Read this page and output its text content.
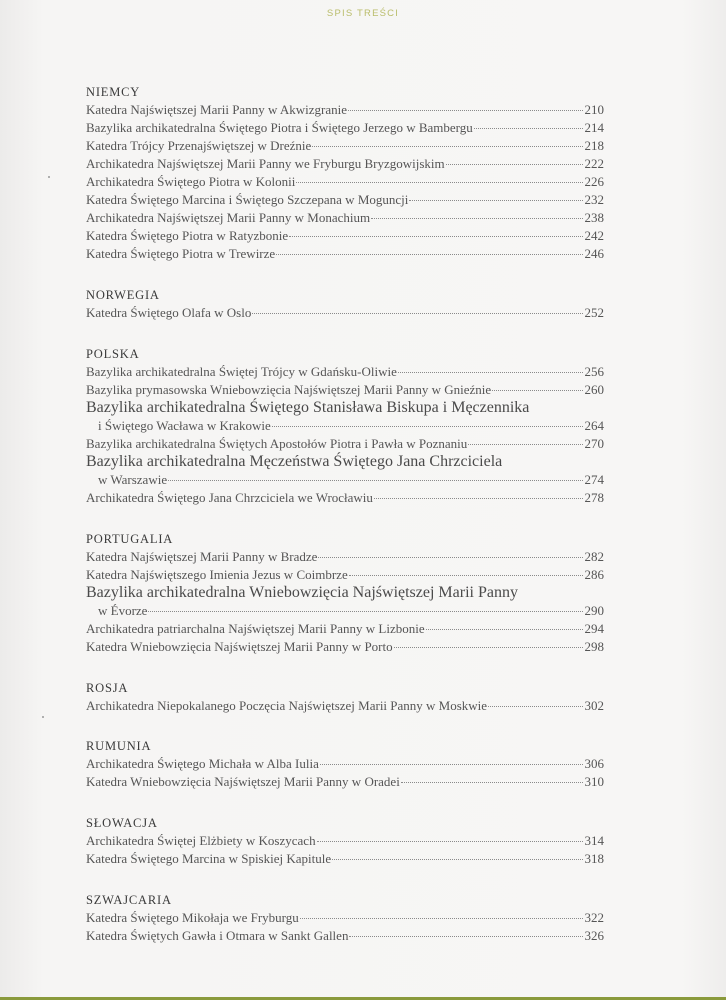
SPIS TREŚCI
NIEMCY
Katedra Najświętszej Marii Panny w Akwizgranie	210
Bazylika archikatedralna Świętego Piotra i Świętego Jerzego w Bambergu	214
Katedra Trójcy Przenajświętszej w Dreźnie	218
Archikatedra Najświętszej Marii Panny we Fryburgu Bryzgowijskim	222
Archikatedra Świętego Piotra w Kolonii	226
Katedra Świętego Marcina i Świętego Szczepana w Moguncji	232
Archikatedra Najświętszej Marii Panny w Monachium	238
Katedra Świętego Piotra w Ratyzbonie	242
Katedra Świętego Piotra w Trewirze	246
NORWEGIA
Katedra Świętego Olafa w Oslo	252
POLSKA
Bazylika archikatedralna Świętej Trójcy w Gdańsku-Oliwie	256
Bazylika prymasowska Wniebowzięcia Najświętszej Marii Panny w Gnieźnie	260
Bazylika archikatedralna Świętego Stanisława Biskupa i Męczennika
i Świętego Wacława w Krakowie	264
Bazylika archikatedralna Świętych Apostołów Piotra i Pawła w Poznaniu	270
Bazylika archikatedralna Męczeństwa Świętego Jana Chrzciciela
w Warszawie	274
Archikatedra Świętego Jana Chrzciciela we Wrocławiu	278
PORTUGALIA
Katedra Najświętszej Marii Panny w Bradze	282
Katedra Najświętszego Imienia Jezus w Coimbrze	286
Bazylika archikatedralna Wniebowzięcia Najświętszej Marii Panny
w Évorze	290
Archikatedra patriarchalna Najświętszej Marii Panny w Lizbonie	294
Katedra Wniebowzięcia Najświętszej Marii Panny w Porto	298
ROSJA
Archikatedra Niepokalanego Poczęcia Najświętszej Marii Panny w Moskwie	302
RUMUNIA
Archikatedra Świętego Michała w Alba Iulia	306
Katedra Wniebowzięcia Najświętszej Marii Panny w Oradei	310
SŁOWACJA
Archikatedra Świętej Elżbiety w Koszycach	314
Katedra Świętego Marcina w Spiskiej Kapitule	318
SZWAJCARIA
Katedra Świętego Mikołaja we Fryburgu	322
Katedra Świętych Gawła i Otmara w Sankt Gallen	326
